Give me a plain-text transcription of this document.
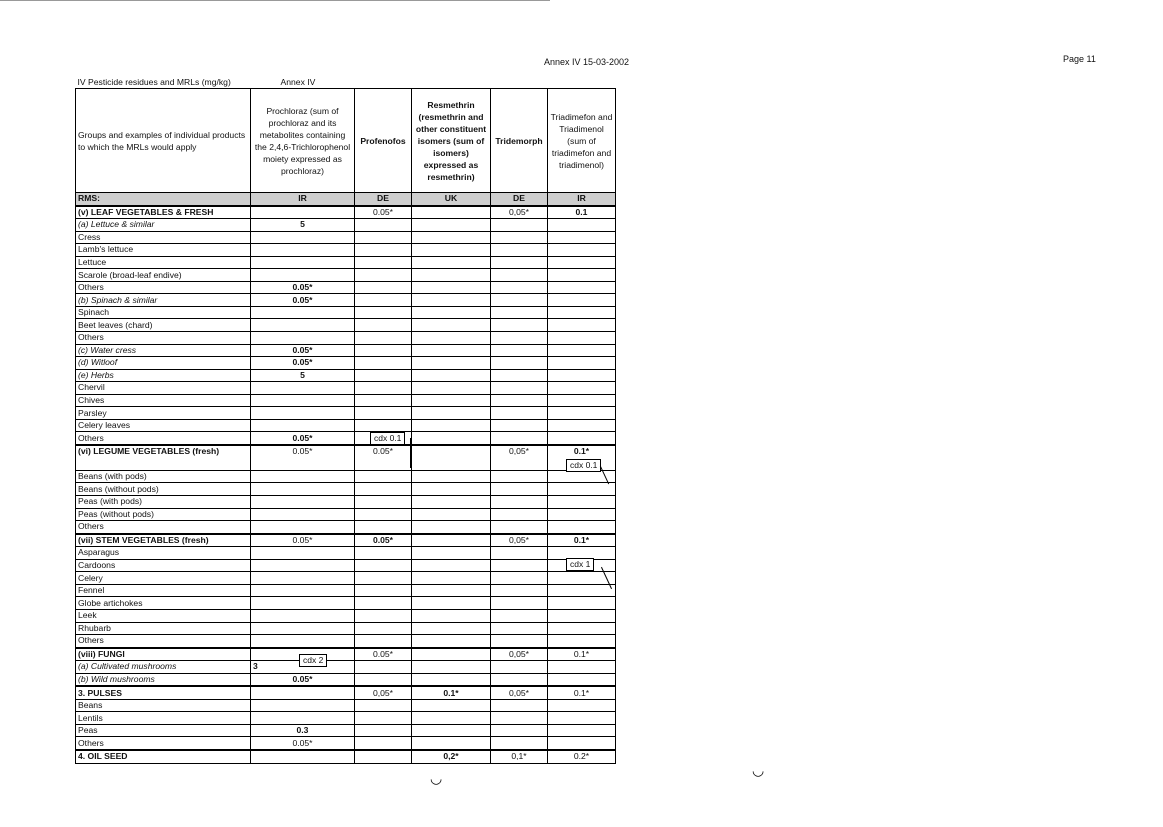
Annex IV 15-03-2002	Page 11
IV Pesticide residues and MRLs (mg/kg)	Annex IV				
Groups and examples of individual products to which the MRLs would apply	Prochloraz (sum of prochloraz and its metabolites containing the 2,4,6-Trichlorophenol moiety expressed as prochloraz)	Profenofos	Resmethrin (resmethrin and other constituent isomers (sum of isomers) expressed as resmethrin)	Tridemorph	Triadimefon and Triadimenol (sum of triadimefon and triadimenol)
RMS:	IR	DE	UK	DE	IR
(v) LEAF VEGETABLES & FRESH		0.05*		0,05*	0.1
(a) Lettuce & similar	5				
Cress					
Lamb's lettuce					
Lettuce					
Scarole (broad-leaf endive)					
Others	0.05*				
(b) Spinach & similar	0.05*				
Spinach					
Beet leaves (chard)					
Others					
(c) Water cress	0.05*				
(d) Witloof	0.05*				
(e) Herbs	5				
Chervil					
Chives					
Parsley					
Celery leaves					
Others	0.05*				
(vi) LEGUME VEGETABLES (fresh)	0.05*	0.05*		0,05*	0.1*
Beans (with pods)					
Beans (without pods)					
Peas (with pods)					
Peas (without pods)					
Others					
(vii) STEM VEGETABLES (fresh)	0.05*	0.05*		0,05*	0.1*
Asparagus					
Cardoons					
Celery					
Fennel					
Globe artichokes					
Leek					
Rhubarb					
Others					
(viii) FUNGI		0.05*		0,05*	0.1*
(a) Cultivated mushrooms	3				
(b) Wild mushrooms	0.05*				
3. PULSES		0,05*	0.1*	0,05*	0.1*
Beans					
Lentils					
Peas	0.3				
Others	0.05*				
4. OIL SEED			0,2*	0,1*	0.2*
cdx 0.1
cdx 0.1
cdx 1
cdx 2
◡	◡
